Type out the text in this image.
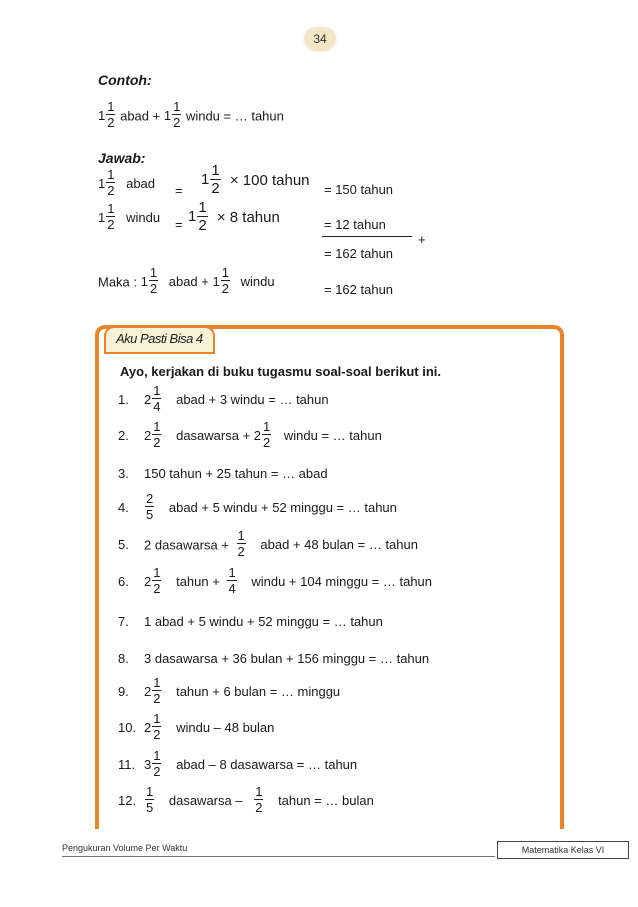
34
Contoh:
$1 \frac{1}{2}$ abad + $1 \frac{1}{2}$ windu = … tahun
Jawab:
$1 \frac{1}{2}$ abad =
$1 \frac{1}{2} \times 100$ tahun
= 150 tahun
$1 \frac{1}{2}$ windu = $1 \frac{1}{2} \times 8$ tahun	= 12 tahun
+
= 162 tahun
Maka : $1 \frac{1}{2}$ abad + $1 \frac{1}{2}$ windu
= 162 tahun
Aku Pasti Bisa 4
Ayo, kerjakan di buku tugasmu soal-soal berikut ini.
1. $2 \frac{1}{4}$ abad + 3 windu = … tahun
2. $2 \frac{1}{2}$ dasawarsa + $2 \frac{1}{2}$ windu = … tahun
3. 150 tahun + 25 tahun = … abad
4. $\frac{2}{5}$ abad + 5 windu + 52 minggu = … tahun
5. 2 dasawarsa + $\frac{1}{2}$ abad + 48 bulan = … tahun
6. $2 \frac{1}{2}$ tahun + $\frac{1}{4}$ windu + 104 minggu = … tahun
7. 1 abad + 5 windu + 52 minggu = … tahun
8. 3 dasawarsa + 36 bulan + 156 minggu = … tahun
9. $2 \frac{1}{2}$ tahun + 6 bulan = … minggu
10. $2 \frac{1}{2}$ windu – 48 bulan
11. $3 \frac{1}{2}$ abad – 8 dasawarsa = … tahun
12. $\frac{1}{5}$ dasawarsa – $\frac{1}{2}$ tahun = … bulan
Pengukuran Volume Per Waktu	Matematika Kelas VI
